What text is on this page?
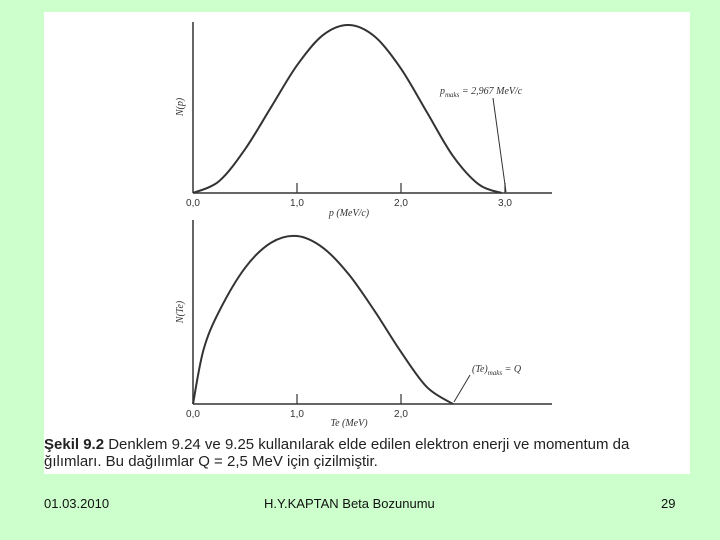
0,0	1,0	2,0	3,0
$p_{maks} = 2,967$ MeV/c
N(p)
p (MeV/c)
0,0	1,0	2,0
$(Te)_{maks} = Q$
N(Te)
Te (MeV)
Şekil 9.2 Denklem 9.24 ve 9.25 kullanılarak elde edilen elektron enerji ve momentum da
ğılımları. Bu dağılımlar Q = 2,5 MeV için çizilmiştir.
01.03.2010	H.Y.KAPTAN Beta Bozunumu	29
